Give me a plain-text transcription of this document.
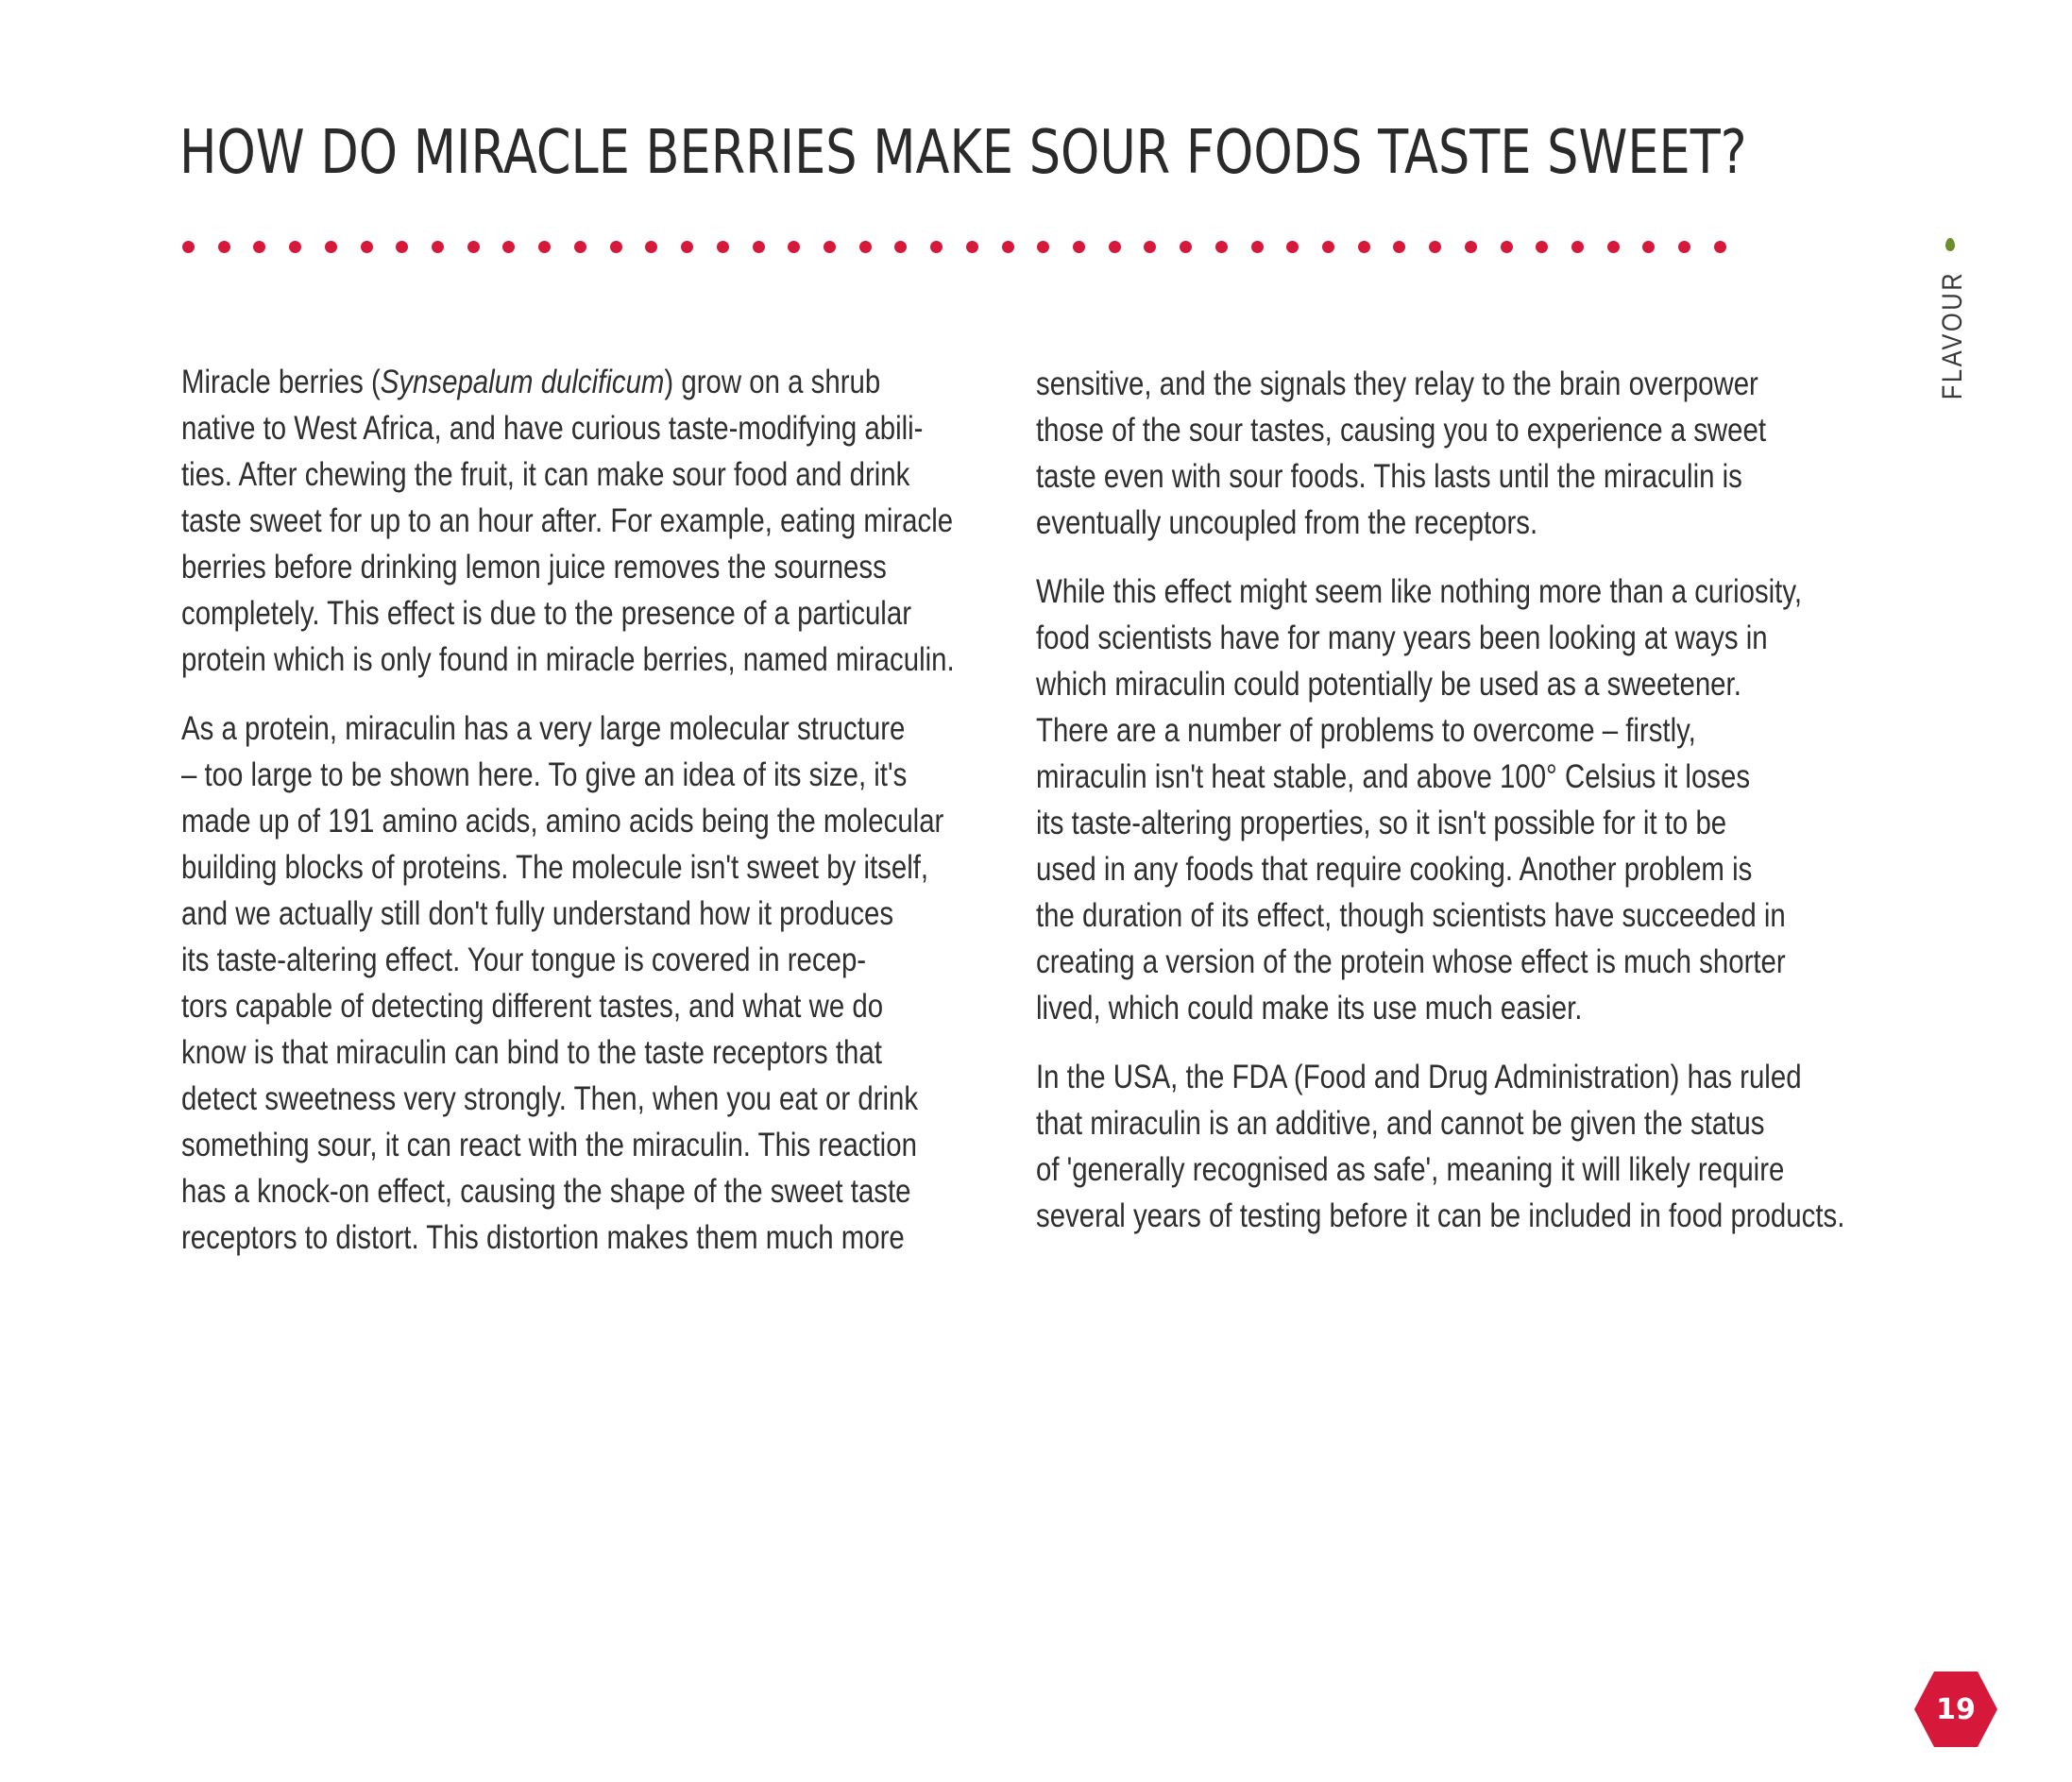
HOW DO MIRACLE BERRIES MAKE SOUR FOODS TASTE SWEET?
FLAVOUR

Miracle berries (Synsepalum dulcificum) grow on a shrub
native to West Africa, and have curious taste-modifying abili-
ties. After chewing the fruit, it can make sour food and drink
taste sweet for up to an hour after. For example, eating miracle
berries before drinking lemon juice removes the sourness
completely. This effect is due to the presence of a particular
protein which is only found in miracle berries, named miraculin.

As a protein, miraculin has a very large molecular structure
– too large to be shown here. To give an idea of its size, it's
made up of 191 amino acids, amino acids being the molecular
building blocks of proteins. The molecule isn't sweet by itself,
and we actually still don't fully understand how it produces
its taste-altering effect. Your tongue is covered in recep-
tors capable of detecting different tastes, and what we do
know is that miraculin can bind to the taste receptors that
detect sweetness very strongly. Then, when you eat or drink
something sour, it can react with the miraculin. This reaction
has a knock-on effect, causing the shape of the sweet taste
receptors to distort. This distortion makes them much more

sensitive, and the signals they relay to the brain overpower
those of the sour tastes, causing you to experience a sweet
taste even with sour foods. This lasts until the miraculin is
eventually uncoupled from the receptors.

While this effect might seem like nothing more than a curiosity,
food scientists have for many years been looking at ways in
which miraculin could potentially be used as a sweetener.
There are a number of problems to overcome – firstly,
miraculin isn't heat stable, and above 100° Celsius it loses
its taste-altering properties, so it isn't possible for it to be
used in any foods that require cooking. Another problem is
the duration of its effect, though scientists have succeeded in
creating a version of the protein whose effect is much shorter
lived, which could make its use much easier.

In the USA, the FDA (Food and Drug Administration) has ruled
that miraculin is an additive, and cannot be given the status
of 'generally recognised as safe', meaning it will likely require
several years of testing before it can be included in food products.

19
